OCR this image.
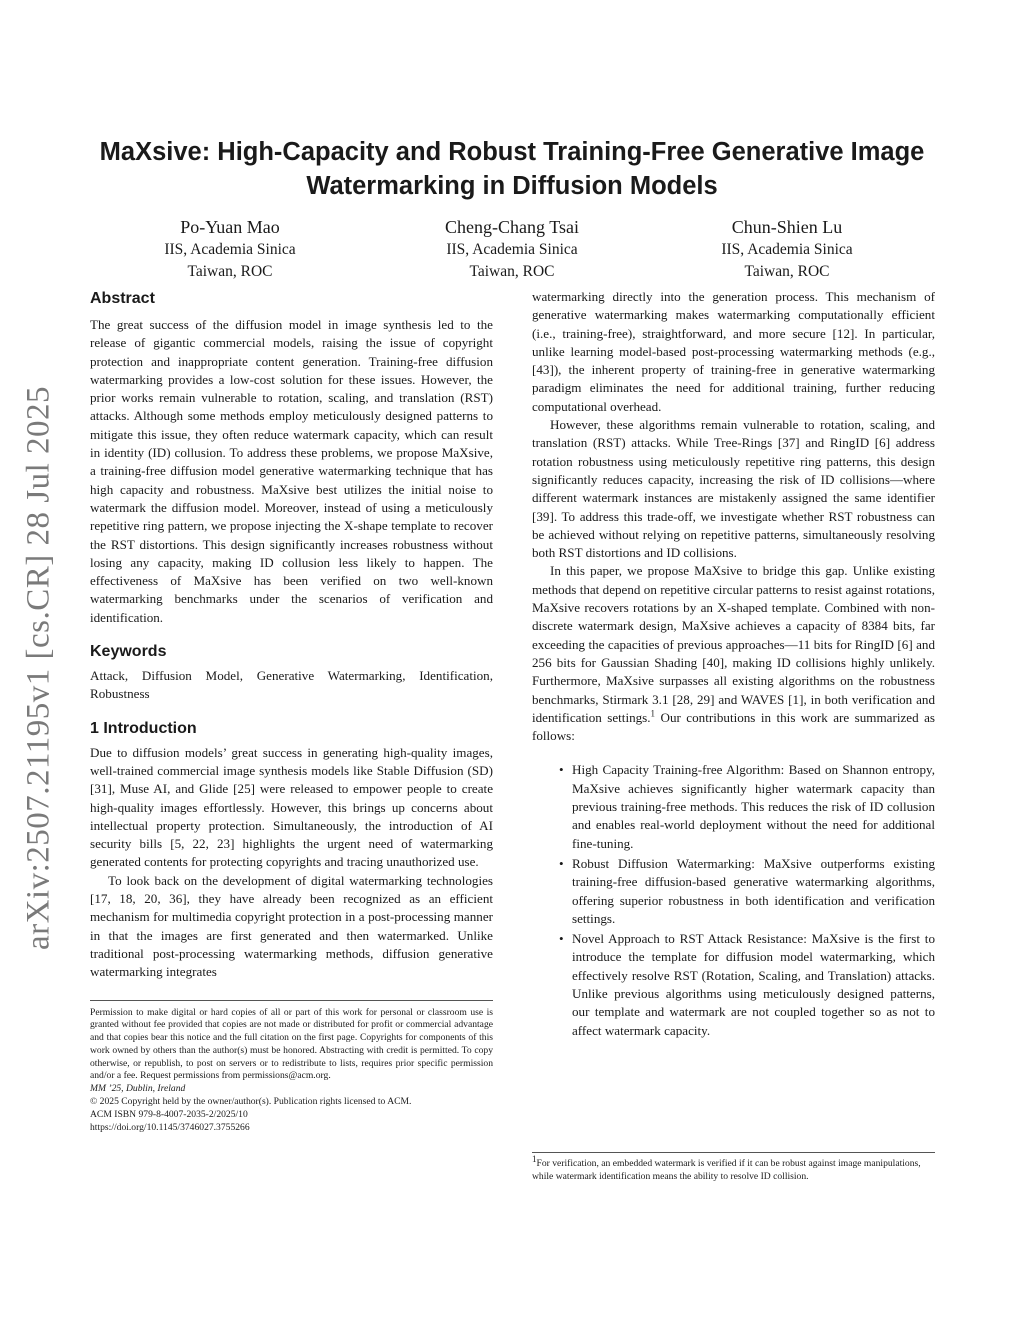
arXiv:2507.21195v1 [cs.CR] 28 Jul 2025
MaXsive: High-Capacity and Robust Training-Free Generative Image Watermarking in Diffusion Models
Po-Yuan Mao
IIS, Academia Sinica
Taiwan, ROC
Cheng-Chang Tsai
IIS, Academia Sinica
Taiwan, ROC
Chun-Shien Lu
IIS, Academia Sinica
Taiwan, ROC
Abstract

The great success of the diffusion model in image synthesis led to the release of gigantic commercial models, raising the issue of copyright protection and inappropriate content generation. Training-free diffusion watermarking provides a low-cost solution for these issues. However, the prior works remain vulnerable to rotation, scaling, and translation (RST) attacks. Although some methods employ meticulously designed patterns to mitigate this issue, they often reduce watermark capacity, which can result in identity (ID) collusion. To address these problems, we propose MaXsive, a training-free diffusion model generative watermarking technique that has high capacity and robustness. MaXsive best utilizes the initial noise to watermark the diffusion model. Moreover, instead of using a meticulously repetitive ring pattern, we propose injecting the X-shape template to recover the RST distortions. This design significantly increases robustness without losing any capacity, making ID collusion less likely to happen. The effectiveness of MaXsive has been verified on two well-known watermarking benchmarks under the scenarios of verification and identification.

Keywords

Attack, Diffusion Model, Generative Watermarking, Identification, Robustness

1 Introduction

Due to diffusion models’ great success in generating high-quality images, well-trained commercial image synthesis models like Stable Diffusion (SD) [31], Muse AI, and Glide [25] were released to empower people to create high-quality images effortlessly. However, this brings up concerns about intellectual property protection. Simultaneously, the introduction of AI security bills [5, 22, 23] highlights the urgent need of watermarking generated contents for protecting copyrights and tracing unauthorized use.

To look back on the development of digital watermarking technologies [17, 18, 20, 36], they have already been recognized as an efficient mechanism for multimedia copyright protection in a post-processing manner in that the images are first generated and then watermarked. Unlike traditional post-processing watermarking methods, diffusion generative watermarking integrates

Permission to make digital or hard copies of all or part of this work for personal or classroom use is granted without fee provided that copies are not made or distributed for profit or commercial advantage and that copies bear this notice and the full citation on the first page. Copyrights for components of this work owned by others than the author(s) must be honored. Abstracting with credit is permitted. To copy otherwise, or republish, to post on servers or to redistribute to lists, requires prior specific permission and/or a fee. Request permissions from permissions@acm.org.
MM ’25, Dublin, Ireland
© 2025 Copyright held by the owner/author(s). Publication rights licensed to ACM.
ACM ISBN 979-8-4007-2035-2/2025/10
https://doi.org/10.1145/3746027.3755266

watermarking directly into the generation process. This mechanism of generative watermarking makes watermarking computationally efficient (i.e., training-free), straightforward, and more secure [12]. In particular, unlike learning model-based post-processing watermarking methods (e.g., [43]), the inherent property of training-free in generative watermarking paradigm eliminates the need for additional training, further reducing computational overhead.

However, these algorithms remain vulnerable to rotation, scaling, and translation (RST) attacks. While Tree-Rings [37] and RingID [6] address rotation robustness using meticulously repetitive ring patterns, this design significantly reduces capacity, increasing the risk of ID collisions—where different watermark instances are mistakenly assigned the same identifier [39]. To address this trade-off, we investigate whether RST robustness can be achieved without relying on repetitive patterns, simultaneously resolving both RST distortions and ID collisions.

In this paper, we propose MaXsive to bridge this gap. Unlike existing methods that depend on repetitive circular patterns to resist against rotations, MaXsive recovers rotations by an X-shaped template. Combined with non-discrete watermark design, MaXsive achieves a capacity of 8384 bits, far exceeding the capacities of previous approaches—11 bits for RingID [6] and 256 bits for Gaussian Shading [40], making ID collisions highly unlikely. Furthermore, MaXsive surpasses all existing algorithms on the robustness benchmarks, Stirmark 3.1 [28, 29] and WAVES [1], in both verification and identification settings.$^1$ Our contributions in this work are summarized as follows:

• High Capacity Training-free Algorithm: Based on Shannon entropy, MaXsive achieves significantly higher watermark capacity than previous training-free methods. This reduces the risk of ID collusion and enables real-world deployment without the need for additional fine-tuning.
• Robust Diffusion Watermarking: MaXsive outperforms existing training-free diffusion-based generative watermarking algorithms, offering superior robustness in both identification and verification settings.
• Novel Approach to RST Attack Resistance: MaXsive is the first to introduce the template for diffusion model watermarking, which effectively resolve RST (Rotation, Scaling, and Translation) attacks. Unlike previous algorithms using meticulously designed patterns, our template and watermark are not coupled together so as not to affect watermark capacity.
$^1$For verification, an embedded watermark is verified if it can be robust against image manipulations, while watermark identification means the ability to resolve ID collision.
